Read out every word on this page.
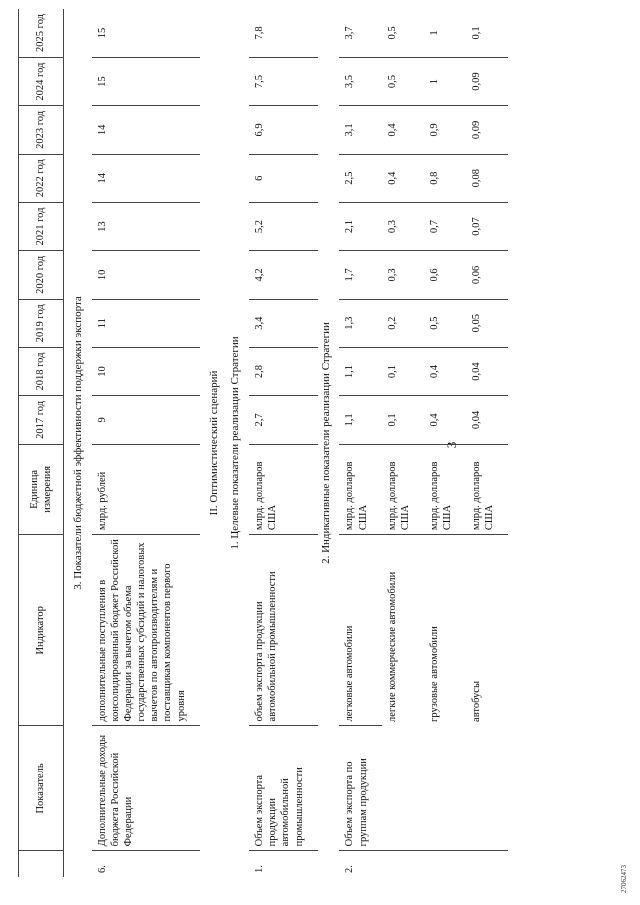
3
	Показатель	Индикатор	Единица измерения	2017 год	2018 год	2019 год	2020 год	2021 год	2022 год	2023 год	2024 год	2025 год
3. Показатели бюджетной эффективности поддержки экспорта												
6.	Дополнительные доходы бюджета Российской Федерации	дополнительные поступления в консолидированный бюджет Российской Федерации за вычетом объема государственных субсидий и налоговых вычетов по автопроизводителям и поставщикам компонентов первого уровня	млрд. рублей	9	10	11	10	13	14	14	15	15
II. Оптимистический сценарий												
1. Целевые показатели реализации Стратегии												
1.	Объем экспорта продукции автомобильной промышленности	объем экспорта продукции автомобильной промышленности	млрд. долларов США	2,7	2,8	3,4	4,2	5,2	6	6,9	7,5	7,8
2. Индикативные показатели реализации Стратегии												
2.	Объем экспорта по группам продукции	легковые автомобили	млрд. долларов США	1,1	1,1	1,3	1,7	2,1	2,5	3,1	3,5	3,7
		легкие коммерческие автомобили	млрд. долларов США	0,1	0,1	0,2	0,3	0,3	0,4	0,4	0,5	0,5
		грузовые автомобили	млрд. долларов США	0,4	0,4	0,5	0,6	0,7	0,8	0,9	1	1
		автобусы	млрд. долларов США	0,04	0,04	0,05	0,06	0,07	0,08	0,09	0,09	0,1
27062473
